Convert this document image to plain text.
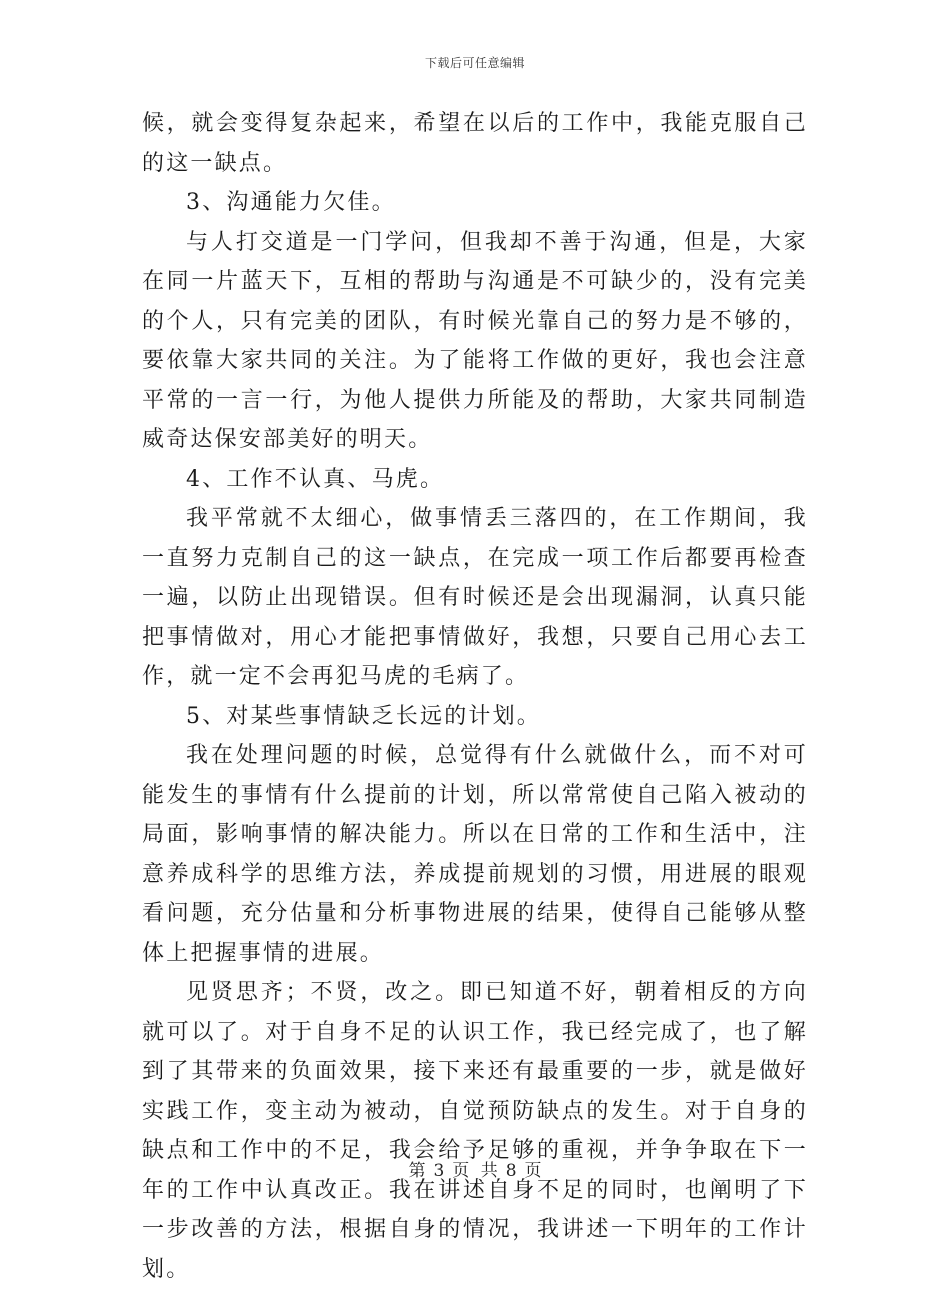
下载后可任意编辑

候，就会变得复杂起来，希望在以后的工作中，我能克服自己的这一缺点。

3、沟通能力欠佳。

与人打交道是一门学问，但我却不善于沟通，但是，大家在同一片蓝天下，互相的帮助与沟通是不可缺少的，没有完美的个人，只有完美的团队，有时候光靠自己的努力是不够的，要依靠大家共同的关注。为了能将工作做的更好，我也会注意平常的一言一行，为他人提供力所能及的帮助，大家共同制造威奇达保安部美好的明天。

4、工作不认真、马虎。

我平常就不太细心，做事情丢三落四的，在工作期间，我一直努力克制自己的这一缺点，在完成一项工作后都要再检查一遍，以防止出现错误。但有时候还是会出现漏洞，认真只能把事情做对，用心才能把事情做好，我想，只要自己用心去工作，就一定不会再犯马虎的毛病了。

5、对某些事情缺乏长远的计划。

我在处理问题的时候，总觉得有什么就做什么，而不对可能发生的事情有什么提前的计划，所以常常使自己陷入被动的局面，影响事情的解决能力。所以在日常的工作和生活中，注意养成科学的思维方法，养成提前规划的习惯，用进展的眼观看问题，充分估量和分析事物进展的结果，使得自己能够从整体上把握事情的进展。

见贤思齐；不贤，改之。即已知道不好，朝着相反的方向就可以了。对于自身不足的认识工作，我已经完成了，也了解到了其带来的负面效果，接下来还有最重要的一步，就是做好实践工作，变主动为被动，自觉预防缺点的发生。对于自身的缺点和工作中的不足，我会给予足够的重视，并争争取在下一年的工作中认真改正。我在讲述自身不足的同时，也阐明了下一步改善的方法，根据自身的情况，我讲述一下明年的工作计划。

第 3 页 共 8 页
